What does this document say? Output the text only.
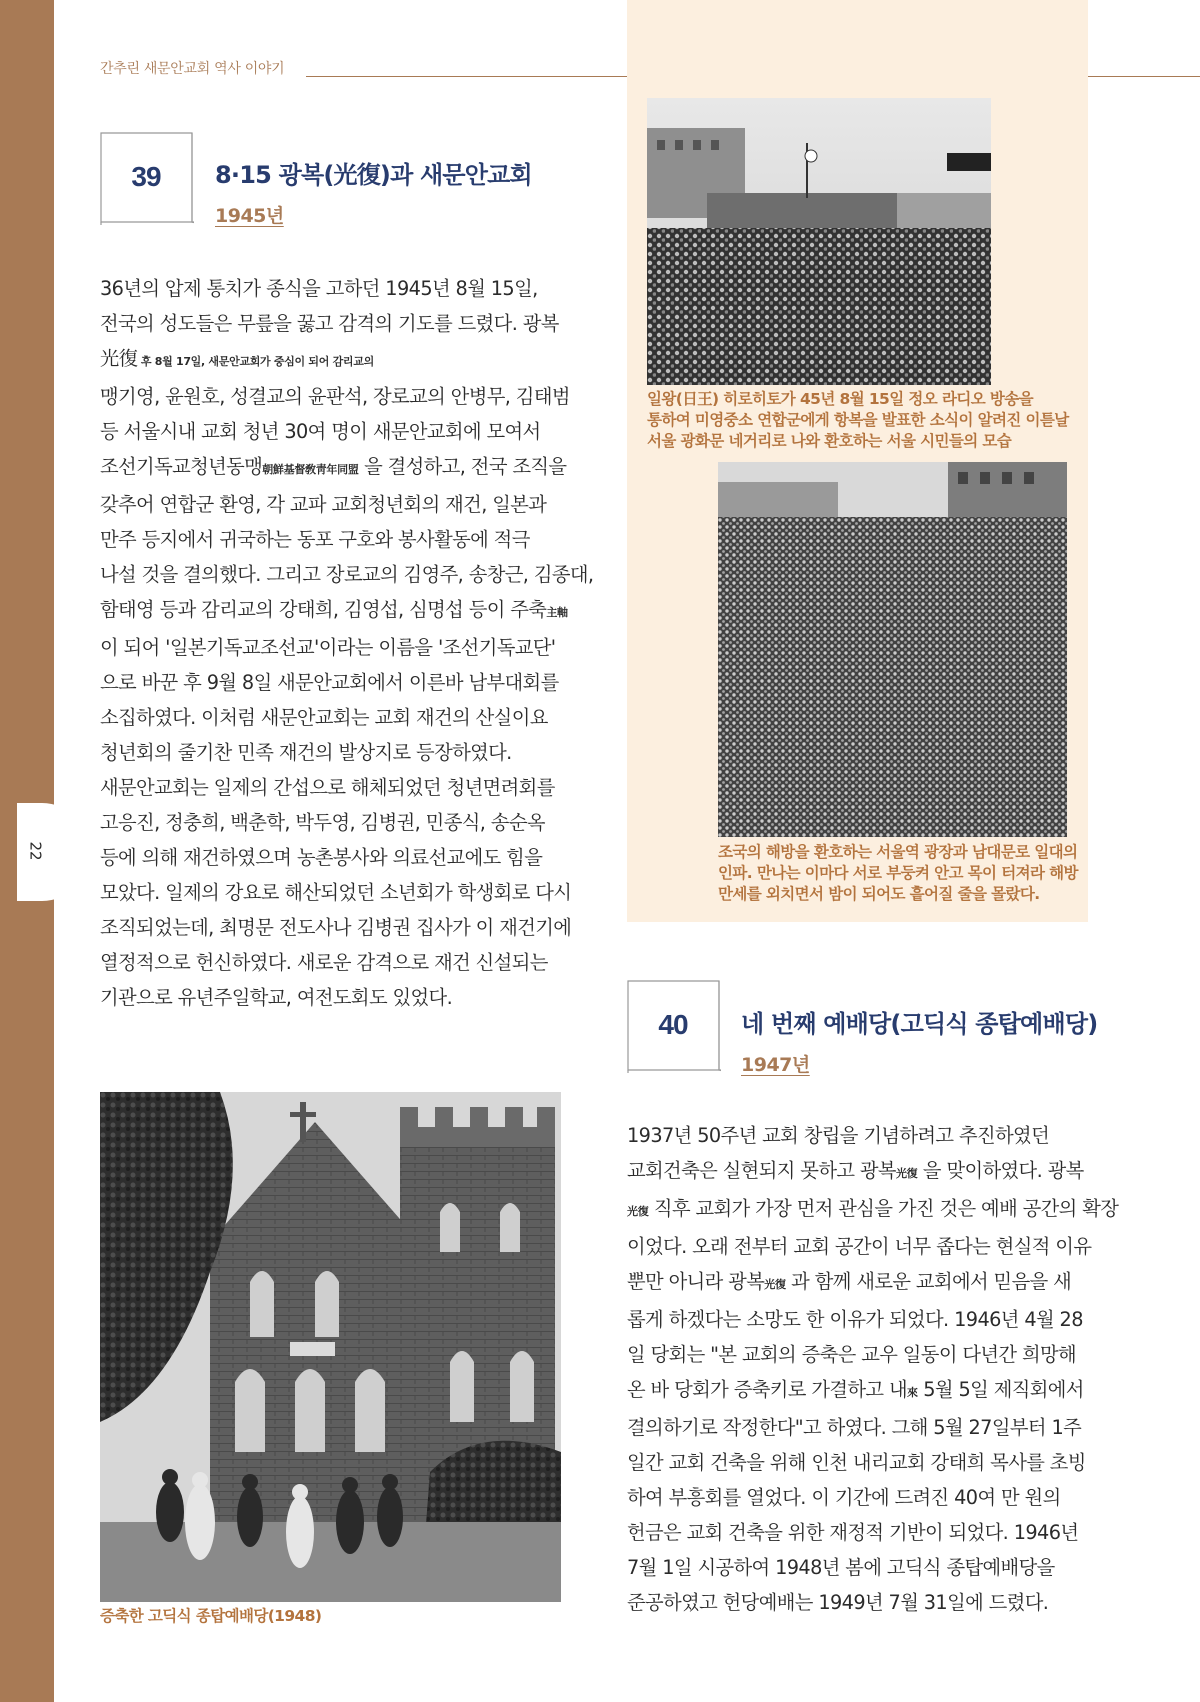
22
간추린 새문안교회 역사 이야기
39	8·15 광복(光復)과 새문안교회
1945년
36년의 압제 통치가 종식을 고하던 1945년 8월 15일,
전국의 성도들은 무릎을 꿇고 감격의 기도를 드렸다. 광복
光復 후 8월 17일, 새문안교회가 중심이 되어 감리교의
맹기영, 윤원호, 성결교의 윤판석, 장로교의 안병무, 김태범
등 서울시내 교회 청년 30여 명이 새문안교회에 모여서
조선기독교청년동맹朝鮮基督敎靑年同盟 을 결성하고, 전국 조직을
갖추어 연합군 환영, 각 교파 교회청년회의 재건, 일본과
만주 등지에서 귀국하는 동포 구호와 봉사활동에 적극
나설 것을 결의했다. 그리고 장로교의 김영주, 송창근, 김종대,
함태영 등과 감리교의 강태희, 김영섭, 심명섭 등이 주축主軸
이 되어 '일본기독교조선교'이라는 이름을 '조선기독교단'
으로 바꾼 후 9월 8일 새문안교회에서 이른바 남부대회를
소집하였다. 이처럼 새문안교회는 교회 재건의 산실이요
청년회의 줄기찬 민족 재건의 발상지로 등장하였다.
새문안교회는 일제의 간섭으로 해체되었던 청년면려회를
고응진, 정충희, 백춘학, 박두영, 김병권, 민종식, 송순옥
등에 의해 재건하였으며 농촌봉사와 의료선교에도 힘을
모았다. 일제의 강요로 해산되었던 소년회가 학생회로 다시
조직되었는데, 최명문 전도사나 김병권 집사가 이 재건기에
열정적으로 헌신하였다. 새로운 감격으로 재건 신설되는
기관으로 유년주일학교, 여전도회도 있었다.
일왕(日王) 히로히토가 45년 8월 15일 정오 라디오 방송을
통하여 미영중소 연합군에게 항복을 발표한 소식이 알려진 이튿날
서울 광화문 네거리로 나와 환호하는 서울 시민들의 모습
조국의 해방을 환호하는 서울역 광장과 남대문로 일대의
인파. 만나는 이마다 서로 부둥켜 안고 목이 터져라 해방
만세를 외치면서 밤이 되어도 흩어질 줄을 몰랐다.
40	네 번째 예배당(고딕식 종탑예배당)
1947년
1937년 50주년 교회 창립을 기념하려고 추진하였던
교회건축은 실현되지 못하고 광복光復 을 맞이하였다. 광복
光復 직후 교회가 가장 먼저 관심을 가진 것은 예배 공간의 확장
이었다. 오래 전부터 교회 공간이 너무 좁다는 현실적 이유
뿐만 아니라 광복光復 과 함께 새로운 교회에서 믿음을 새
롭게 하겠다는 소망도 한 이유가 되었다. 1946년 4월 28
일 당회는 "본 교회의 증축은 교우 일동이 다년간 희망해
온 바 당회가 증축키로 가결하고 내來 5월 5일 제직회에서
결의하기로 작정한다"고 하였다. 그해 5월 27일부터 1주
일간 교회 건축을 위해 인천 내리교회 강태희 목사를 초빙
하여 부흥회를 열었다. 이 기간에 드려진 40여 만 원의
헌금은 교회 건축을 위한 재정적 기반이 되었다. 1946년
7월 1일 시공하여 1948년 봄에 고딕식 종탑예배당을
준공하였고 헌당예배는 1949년 7월 31일에 드렸다.
증축한 고딕식 종탑예배당(1948)
